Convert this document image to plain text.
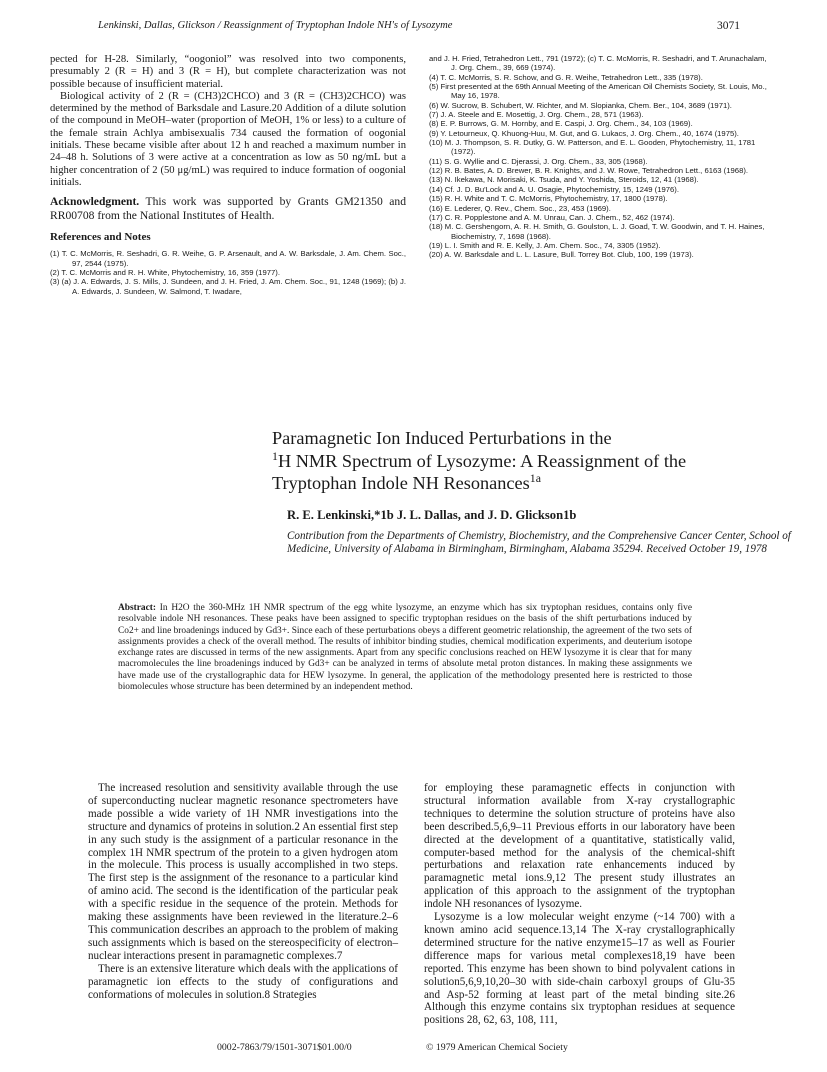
Lenkinski, Dallas, Glickson / Reassignment of Tryptophan Indole NH's of Lysozyme	3071

pected for H-28. Similarly, “oogoniol” was resolved into two components, presumably 2 (R = H) and 3 (R = H), but complete characterization was not possible because of insufficient material.

Biological activity of 2 (R = (CH3)2CHCO) and 3 (R = (CH3)2CHCO) was determined by the method of Barksdale and Lasure.20 Addition of a dilute solution of the compound in MeOH–water (proportion of MeOH, 1% or less) to a culture of the female strain Achlya ambisexualis 734 caused the formation of oogonial initials. These became visible after about 12 h and reached a maximum number in 24–48 h. Solutions of 3 were active at a concentration as low as 50 ng/mL but a higher concentration of 2 (50 μg/mL) was required to induce formation of oogonial initials.

Acknowledgment. This work was supported by Grants GM21350 and RR00708 from the National Institutes of Health.
References and Notes
(1) T. C. McMorris, R. Seshadri, G. R. Weihe, G. P. Arsenault, and A. W. Barksdale, J. Am. Chem. Soc., 97, 2544 (1975).
(2) T. C. McMorris and R. H. White, Phytochemistry, 16, 359 (1977).
(3) (a) J. A. Edwards, J. S. Mills, J. Sundeen, and J. H. Fried, J. Am. Chem. Soc., 91, 1248 (1969); (b) J. A. Edwards, J. Sundeen, W. Salmond, T. Iwadare,
and J. H. Fried, Tetrahedron Lett., 791 (1972); (c) T. C. McMorris, R. Seshadri, and T. Arunachalam, J. Org. Chem., 39, 669 (1974).
(4) T. C. McMorris, S. R. Schow, and G. R. Weihe, Tetrahedron Lett., 335 (1978).
(5) First presented at the 69th Annual Meeting of the American Oil Chemists Society, St. Louis, Mo., May 16, 1978.
(6) W. Sucrow, B. Schubert, W. Richter, and M. Slopianka, Chem. Ber., 104, 3689 (1971).
(7) J. A. Steele and E. Mosettig, J. Org. Chem., 28, 571 (1963).
(8) E. P. Burrows, G. M. Hornby, and E. Caspi, J. Org. Chem., 34, 103 (1969).
(9) Y. Letourneux, Q. Khuong-Huu, M. Gut, and G. Lukacs, J. Org. Chem., 40, 1674 (1975).
(10) M. J. Thompson, S. R. Dutky, G. W. Patterson, and E. L. Gooden, Phytochemistry, 11, 1781 (1972).
(11) S. G. Wyllie and C. Djerassi, J. Org. Chem., 33, 305 (1968).
(12) R. B. Bates, A. D. Brewer, B. R. Knights, and J. W. Rowe, Tetrahedron Lett., 6163 (1968).
(13) N. Ikekawa, N. Morisaki, K. Tsuda, and Y. Yoshida, Steroids, 12, 41 (1968).
(14) Cf. J. D. Bu'Lock and A. U. Osagie, Phytochemistry, 15, 1249 (1976).
(15) R. H. White and T. C. McMorris, Phytochemistry, 17, 1800 (1978).
(16) E. Lederer, Q. Rev., Chem. Soc., 23, 453 (1969).
(17) C. R. Popplestone and A. M. Unrau, Can. J. Chem., 52, 462 (1974).
(18) M. C. Gershengorn, A. R. H. Smith, G. Goulston, L. J. Goad, T. W. Goodwin, and T. H. Haines, Biochemistry, 7, 1698 (1968).
(19) L. I. Smith and R. E. Kelly, J. Am. Chem. Soc., 74, 3305 (1952).
(20) A. W. Barksdale and L. L. Lasure, Bull. Torrey Bot. Club, 100, 199 (1973).
Paramagnetic Ion Induced Perturbations in the
$^1$H NMR Spectrum of Lysozyme: A Reassignment of the
Tryptophan Indole NH Resonances$^{1a}$
R. E. Lenkinski,*1b J. L. Dallas, and J. D. Glickson1b
Contribution from the Departments of Chemistry, Biochemistry, and the Comprehensive Cancer Center, School of Medicine, University of Alabama in Birmingham, Birmingham, Alabama 35294. Received October 19, 1978
Abstract: In H2O the 360-MHz 1H NMR spectrum of the egg white lysozyme, an enzyme which has six tryptophan residues, contains only five resolvable indole NH resonances. These peaks have been assigned to specific tryptophan residues on the basis of the shift perturbations induced by Co2+ and line broadenings induced by Gd3+. Since each of these perturbations obeys a different geometric relationship, the agreement of the two sets of assignments provides a check of the overall method. The results of inhibitor binding studies, chemical modification experiments, and deuterium isotope exchange rates are discussed in terms of the new assignments. Apart from any specific conclusions reached on HEW lysozyme it is clear that for many macromolecules the line broadenings induced by Gd3+ can be analyzed in terms of absolute metal proton distances. In making these assignments we have made use of the crystallographic data for HEW lysozyme. In general, the application of the methodology presented here is restricted to those biomolecules whose structure has been determined by an independent method.

The increased resolution and sensitivity available through the use of superconducting nuclear magnetic resonance spectrometers have made possible a wide variety of 1H NMR investigations into the structure and dynamics of proteins in solution.2 An essential first step in any such study is the assignment of a particular resonance in the complex 1H NMR spectrum of the protein to a given hydrogen atom in the molecule. This process is usually accomplished in two steps. The first step is the assignment of the resonance to a particular kind of amino acid. The second is the identification of the particular peak with a specific residue in the sequence of the protein. Methods for making these assignments have been reviewed in the literature.2–6 This communication describes an approach to the problem of making such assignments which is based on the stereospecificity of electron–nuclear interactions present in paramagnetic complexes.7

There is an extensive literature which deals with the applications of paramagnetic ion effects to the study of configurations and conformations of molecules in solution.8 Strategies

for employing these paramagnetic effects in conjunction with structural information available from X-ray crystallographic techniques to determine the solution structure of proteins have also been described.5,6,9–11 Previous efforts in our laboratory have been directed at the development of a quantitative, statistically valid, computer-based method for the analysis of the chemical-shift perturbations and relaxation rate enhancements induced by paramagnetic metal ions.9,12 The present study illustrates an application of this approach to the assignment of the tryptophan indole NH resonances of lysozyme.

Lysozyme is a low molecular weight enzyme (~14 700) with a known amino acid sequence.13,14 The X-ray crystallographically determined structure for the native enzyme15–17 as well as Fourier difference maps for various metal complexes18,19 have been reported. This enzyme has been shown to bind polyvalent cations in solution5,6,9,10,20–30 with side-chain carboxyl groups of Glu-35 and Asp-52 forming at least part of the metal binding site.26 Although this enzyme contains six tryptophan residues at sequence positions 28, 62, 63, 108, 111,

0002-7863/79/1501-3071$01.00/0	© 1979 American Chemical Society
